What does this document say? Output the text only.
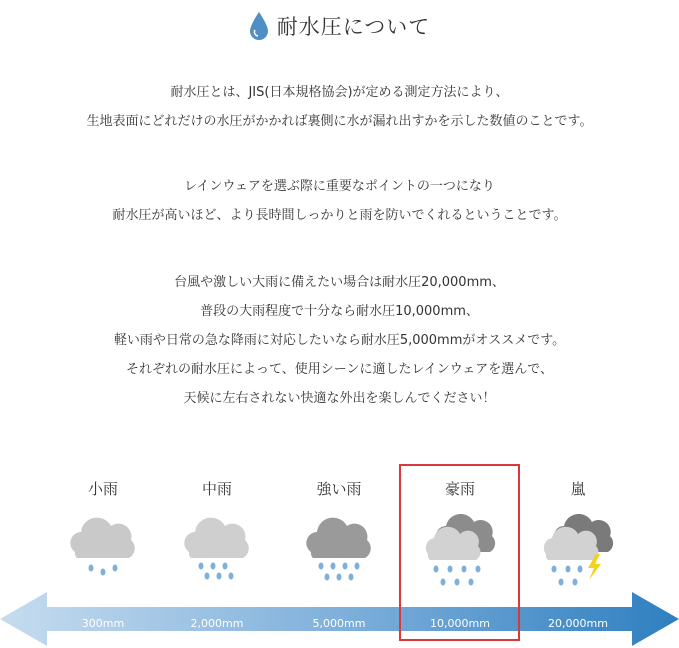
耐水圧について
耐水圧とは、JIS(日本規格協会)が定める測定方法により、
生地表面にどれだけの水圧がかかれば裏側に水が漏れ出すかを示した数値のことです。
レインウェアを選ぶ際に重要なポイントの一つになり
耐水圧が高いほど、より長時間しっかりと雨を防いでくれるということです。
台風や激しい大雨に備えたい場合は耐水圧20,000mm、
普段の大雨程度で十分なら耐水圧10,000mm、
軽い雨や日常の急な降雨に対応したいなら耐水圧5,000mmがオススメです。
それぞれの耐水圧によって、使用シーンに適したレインウェアを選んで、
天候に左右されない快適な外出を楽しんでください！
小雨	中雨	強い雨	豪雨	嵐
300mm	2,000mm	5,000mm	10,000mm	20,000mm
